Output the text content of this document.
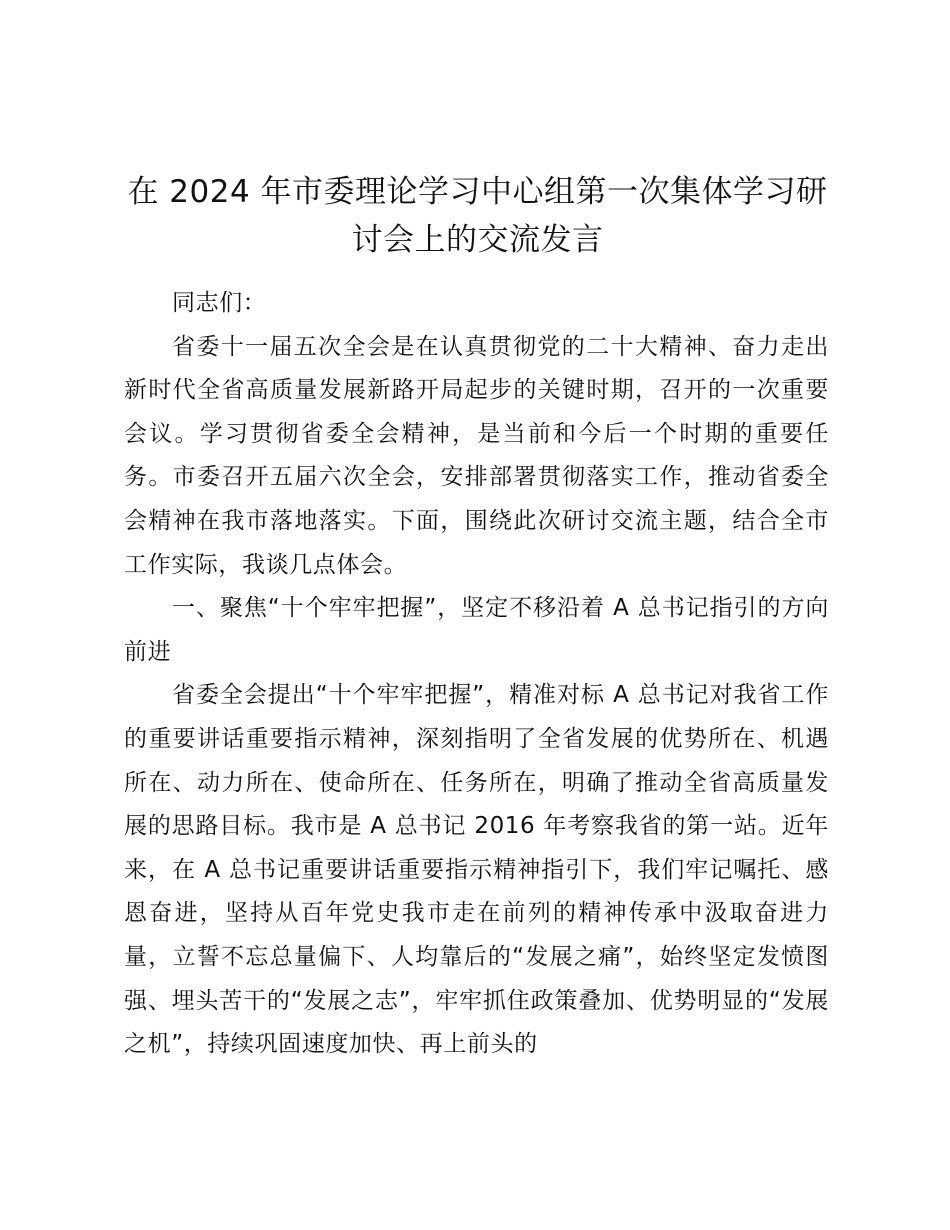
在 2024 年市委理论学习中心组第一次集体学习研讨会上的交流发言

同志们：

省委十一届五次全会是在认真贯彻党的二十大精神、奋力走出新时代全省高质量发展新路开局起步的关键时期，召开的一次重要会议。学习贯彻省委全会精神，是当前和今后一个时期的重要任务。市委召开五届六次全会，安排部署贯彻落实工作，推动省委全会精神在我市落地落实。下面，围绕此次研讨交流主题，结合全市工作实际，我谈几点体会。

一、聚焦“十个牢牢把握”，坚定不移沿着 A 总书记指引的方向前进

省委全会提出“十个牢牢把握”，精准对标 A 总书记对我省工作的重要讲话重要指示精神，深刻指明了全省发展的优势所在、机遇所在、动力所在、使命所在、任务所在，明确了推动全省高质量发展的思路目标。我市是 A 总书记 2016 年考察我省的第一站。近年来，在 A 总书记重要讲话重要指示精神指引下，我们牢记嘱托、感恩奋进，坚持从百年党史我市走在前列的精神传承中汲取奋进力量，立誓不忘总量偏下、人均靠后的“发展之痛”，始终坚定发愤图强、埋头苦干的“发展之志”，牢牢抓住政策叠加、优势明显的“发展之机”，持续巩固速度加快、再上前头的
